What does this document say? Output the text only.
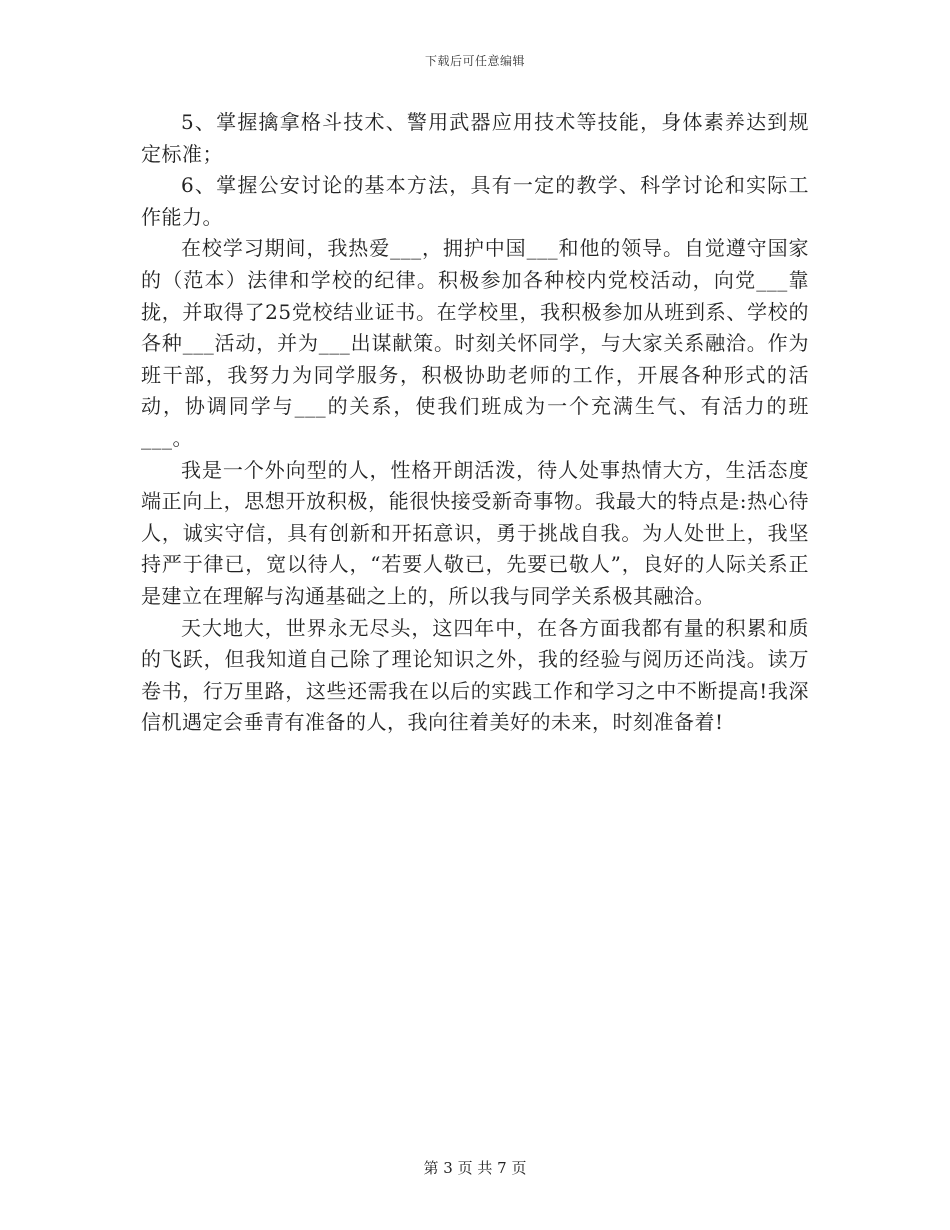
下载后可任意编辑

5、掌握擒拿格斗技术、警用武器应用技术等技能，身体素养达到规定标准；

6、掌握公安讨论的基本方法，具有一定的教学、科学讨论和实际工作能力。

在校学习期间，我热爱___，拥护中国___和他的领导。自觉遵守国家的（范本）法律和学校的纪律。积极参加各种校内党校活动，向党___靠拢，并取得了25党校结业证书。在学校里，我积极参加从班到系、学校的各种___活动，并为___出谋献策。时刻关怀同学，与大家关系融洽。作为班干部，我努力为同学服务，积极协助老师的工作，开展各种形式的活动，协调同学与___的关系，使我们班成为一个充满生气、有活力的班___。

我是一个外向型的人，性格开朗活泼，待人处事热情大方，生活态度端正向上，思想开放积极，能很快接受新奇事物。我最大的特点是:热心待人，诚实守信，具有创新和开拓意识，勇于挑战自我。为人处世上，我坚持严于律已，宽以待人，“若要人敬已，先要已敬人”，良好的人际关系正是建立在理解与沟通基础之上的，所以我与同学关系极其融洽。

天大地大，世界永无尽头，这四年中，在各方面我都有量的积累和质的飞跃，但我知道自己除了理论知识之外，我的经验与阅历还尚浅。读万卷书，行万里路，这些还需我在以后的实践工作和学习之中不断提高!我深信机遇定会垂青有准备的人，我向往着美好的未来，时刻准备着!

第 3 页 共 7 页
